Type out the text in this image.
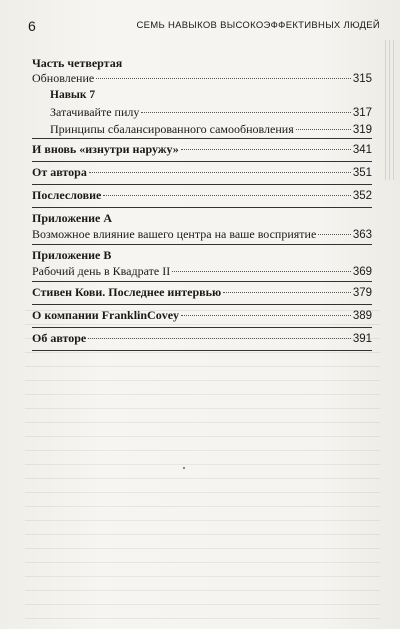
6	СЕМЬ НАВЫКОВ ВЫСОКОЭФФЕКТИВНЫХ ЛЮДЕЙ
Часть четвертая
Обновление	315
Навык 7
Затачивайте пилу	317
Принципы сбалансированного самообновления	319
И вновь «изнутри наружу»	341
От автора	351
Послесловие	352
Приложение А
Возможное влияние вашего центра на ваше восприятие	363
Приложение В
Рабочий день в Квадрате II	369
Стивен Кови. Последнее интервью	379
О компании FranklinCovey	389
Об авторе	391
